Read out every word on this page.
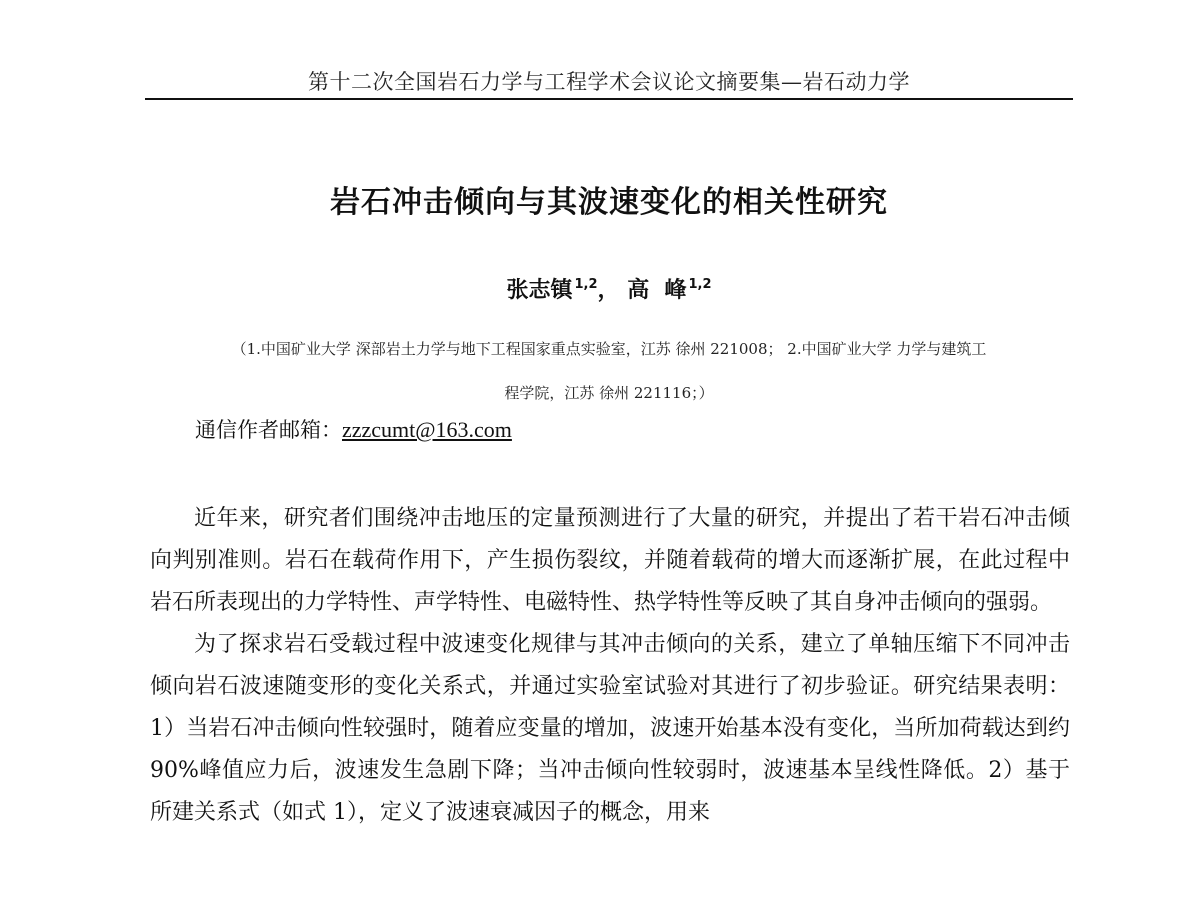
第十二次全国岩石力学与工程学术会议论文摘要集—岩石动力学
岩石冲击倾向与其波速变化的相关性研究
张志镇 $^{1,2}$， 高  峰 $^{1,2}$
（1.中国矿业大学 深部岩土力学与地下工程国家重点实验室，江苏 徐州 221008； 2.中国矿业大学 力学与建筑工
程学院，江苏 徐州 221116；）
通信作者邮箱：zzzcumt@163.com

近年来，研究者们围绕冲击地压的定量预测进行了大量的研究，并提出了若干岩石冲击倾向判别准则。岩石在载荷作用下，产生损伤裂纹，并随着载荷的增大而逐渐扩展，在此过程中岩石所表现出的力学特性、声学特性、电磁特性、热学特性等反映了其自身冲击倾向的强弱。

为了探求岩石受载过程中波速变化规律与其冲击倾向的关系，建立了单轴压缩下不同冲击倾向岩石波速随变形的变化关系式，并通过实验室试验对其进行了初步验证。研究结果表明： 1）当岩石冲击倾向性较强时，随着应变量的增加，波速开始基本没有变化，当所加荷载达到约 90%峰值应力后，波速发生急剧下降；当冲击倾向性较弱时，波速基本呈线性降低。2）基于所建关系式（如式 1），定义了波速衰减因子的概念，用来
